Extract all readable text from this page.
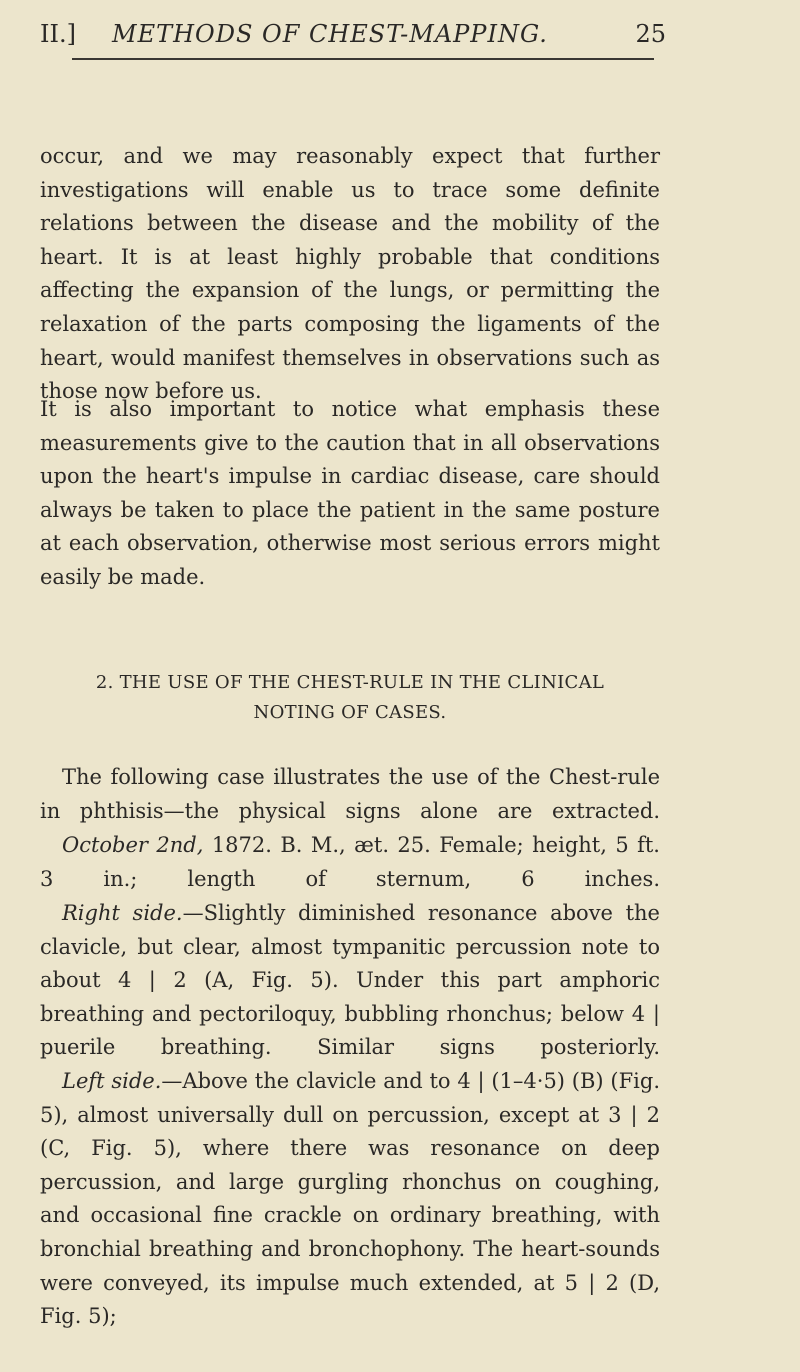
II.] METHODS OF CHEST-MAPPING.	25

occur, and we may reasonably expect that further investigations will enable us to trace some definite relations between the disease and the mobility of the heart. It is at least highly probable that conditions affecting the expansion of the lungs, or permitting the relaxation of the parts composing the ligaments of the heart, would manifest themselves in observations such as those now before us.

It is also important to notice what emphasis these measurements give to the caution that in all observations upon the heart's impulse in cardiac disease, care should always be taken to place the patient in the same posture at each observation, otherwise most serious errors might easily be made.

2. THE USE OF THE CHEST-RULE IN THE CLINICAL
NOTING OF CASES.

The following case illustrates the use of the Chest-rule in phthisis—the physical signs alone are extracted.

October 2nd, 1872. B. M., æt. 25. Female; height, 5 ft. 3 in.; length of sternum, 6 inches.

Right side.—Slightly diminished resonance above the clavicle, but clear, almost tympanitic percussion note to about 4 | 2 (A, Fig. 5). Under this part amphoric breathing and pectoriloquy, bubbling rhonchus; below 4 | puerile breathing. Similar signs posteriorly.

Left side.—Above the clavicle and to 4 | (1–4·5) (B) (Fig. 5), almost universally dull on percussion, except at 3 | 2 (C, Fig. 5), where there was resonance on deep percussion, and large gurgling rhonchus on coughing, and occasional fine crackle on ordinary breathing, with bronchial breathing and bronchophony. The heart-sounds were conveyed, its impulse much extended, at 5 | 2 (D, Fig. 5);
